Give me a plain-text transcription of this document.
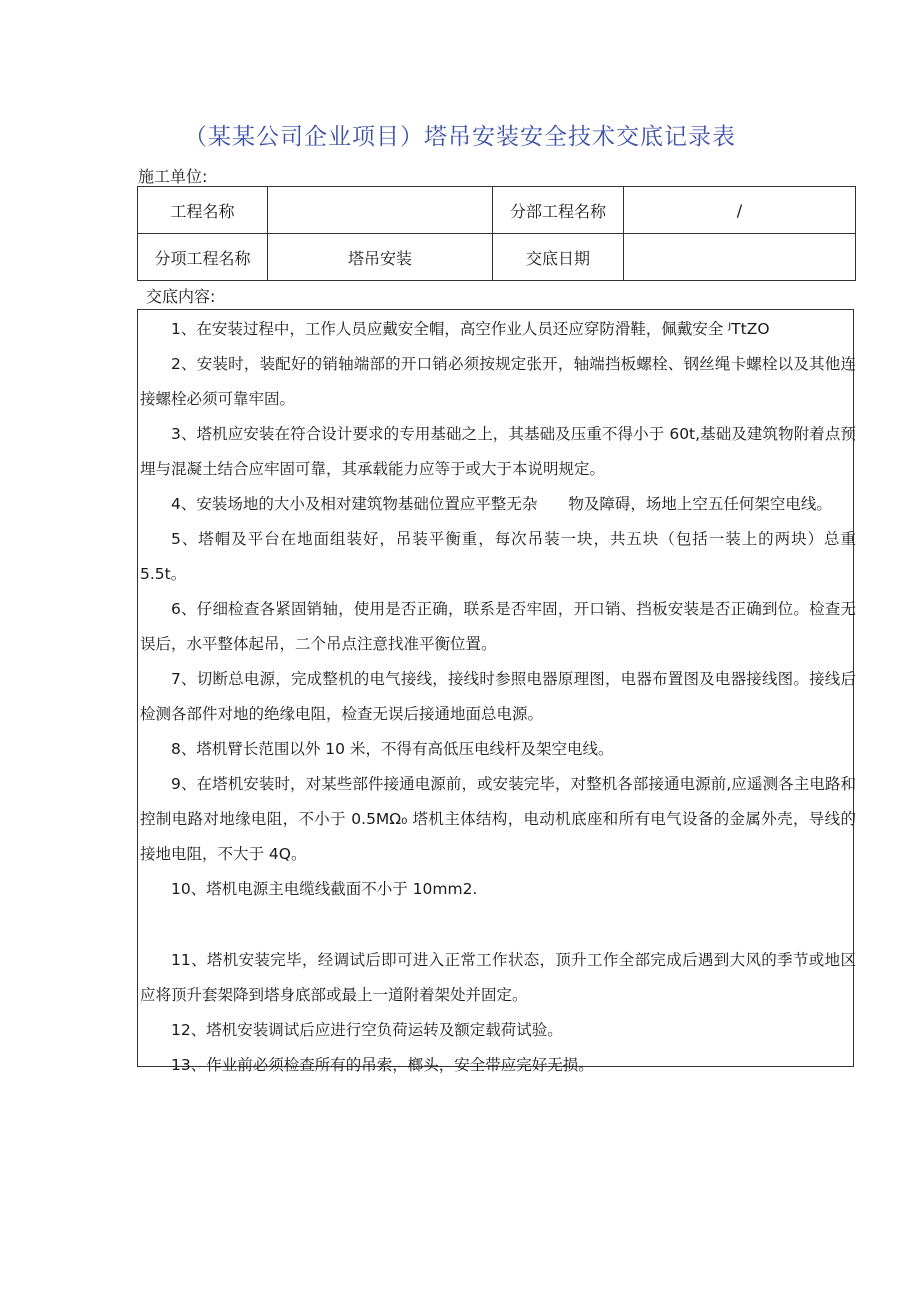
（某某公司企业项目）塔吊安装安全技术交底记录表
施工单位:
工程名称		分部工程名称	/
分项工程名称	塔吊安装	交底日期	
交底内容:

1、在安装过程中，工作人员应戴安全帽，高空作业人员还应穿防滑鞋，佩戴安全 ᴶTtZO

2、安装时，装配好的销轴端部的开口销必须按规定张开，轴端挡板螺栓、钢丝绳卡螺栓以及其他连接螺栓必须可靠牢固。

3、塔机应安装在符合设计要求的专用基础之上，其基础及压重不得小于 60t,基础及建筑物附着点预埋与混凝土结合应牢固可靠，其承载能力应等于或大于本说明规定。

4、安装场地的大小及相对建筑物基础位置应平整无杂　　物及障碍，场地上空五任何架空电线。

5、塔帽及平台在地面组装好，吊装平衡重，每次吊装一块，共五块（包括一装上的两块）总重 5.5t。

6、仔细检查各紧固销轴，使用是否正确，联系是否牢固，开口销、挡板安装是否正确到位。检查无误后，水平整体起吊，二个吊点注意找准平衡位置。

7、切断总电源，完成整机的电气接线，接线时参照电器原理图，电器布置图及电器接线图。接线后检测各部件对地的绝缘电阻，检查无误后接通地面总电源。

8、塔机臂长范围以外 10 米，不得有高低压电线杆及架空电线。

9、在塔机安装时，对某些部件接通电源前，或安装完毕，对整机各部接通电源前,应遥测各主电路和控制电路对地缘电阻，不小于 0.5MΩ₀ 塔机主体结构，电动机底座和所有电气设备的金属外壳，导线的接地电阻，不大于 4Q。

10、塔机电源主电缆线截面不小于 10mm2.

11、塔机安装完毕，经调试后即可进入正常工作状态，顶升工作全部完成后遇到大风的季节或地区应将顶升套架降到塔身底部或最上一道附着架处并固定。

12、塔机安装调试后应进行空负荷运转及额定载荷试验。

13、作业前必须检查所有的吊索，榔头，安全带应完好无损。
